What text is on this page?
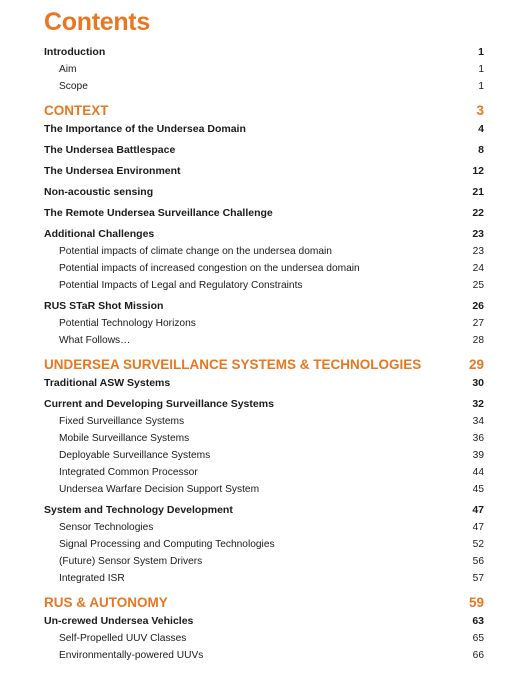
Contents
Introduction	1
Aim	1
Scope	1
CONTEXT	3
The Importance of the Undersea Domain	4
The Undersea Battlespace	8
The Undersea Environment	12
Non-acoustic sensing	21
The Remote Undersea Surveillance Challenge	22
Additional Challenges	23
Potential impacts of climate change on the undersea domain	23
Potential impacts of increased congestion on the undersea domain	24
Potential Impacts of Legal and Regulatory Constraints	25
RUS STaR Shot Mission	26
Potential Technology Horizons	27
What Follows…	28
UNDERSEA SURVEILLANCE SYSTEMS & TECHNOLOGIES	29
Traditional ASW Systems	30
Current and Developing Surveillance Systems	32
Fixed Surveillance Systems	34
Mobile Surveillance Systems	36
Deployable Surveillance Systems	39
Integrated Common Processor	44
Undersea Warfare Decision Support System	45
System and Technology Development	47
Sensor Technologies	47
Signal Processing and Computing Technologies	52
(Future) Sensor System Drivers	56
Integrated ISR	57
RUS & AUTONOMY	59
Un-crewed Undersea Vehicles	63
Self-Propelled UUV Classes	65
Environmentally-powered UUVs	66
